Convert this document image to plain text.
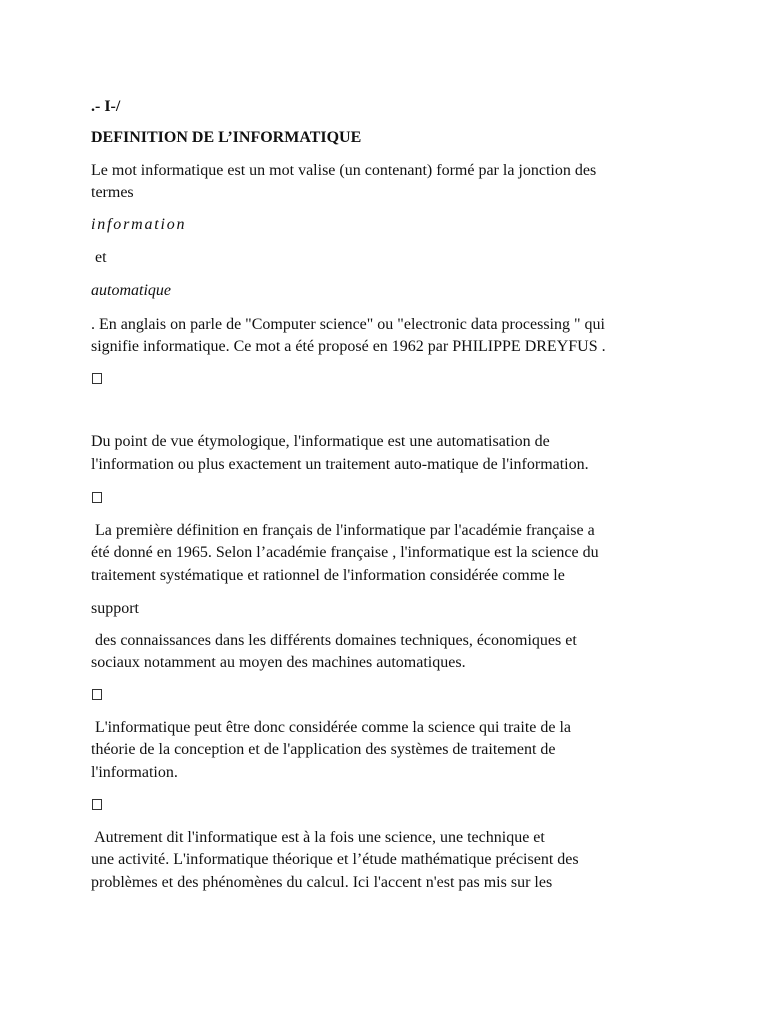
.- I-/

DEFINITION DE L’INFORMATIQUE

Le mot informatique est un mot valise (un contenant) formé par la jonction des

termes

information

et

automatique

. En anglais on parle de "Computer science" ou "electronic data processing " qui

signifie informatique. Ce mot a été proposé en 1962 par PHILIPPE DREYFUS .

Du point de vue étymologique, l'informatique est une automatisation de

l'information ou plus exactement un traitement auto-matique de l'information.

La première définition en français de l'informatique par l'académie française a

été donné en 1965. Selon l’académie française , l'informatique est la science du

traitement systématique et rationnel de l'information considérée comme le

support

des connaissances dans les différents domaines techniques, économiques et

sociaux notamment au moyen des machines automatiques.

L'informatique peut être donc considérée comme la science qui traite de la

théorie de la conception et de l'application des systèmes de traitement de

l'information.

Autrement dit l'informatique est à la fois une science, une technique et

une activité. L'informatique théorique et l’étude mathématique précisent des

problèmes et des phénomènes du calcul. Ici l'accent n'est pas mis sur les
